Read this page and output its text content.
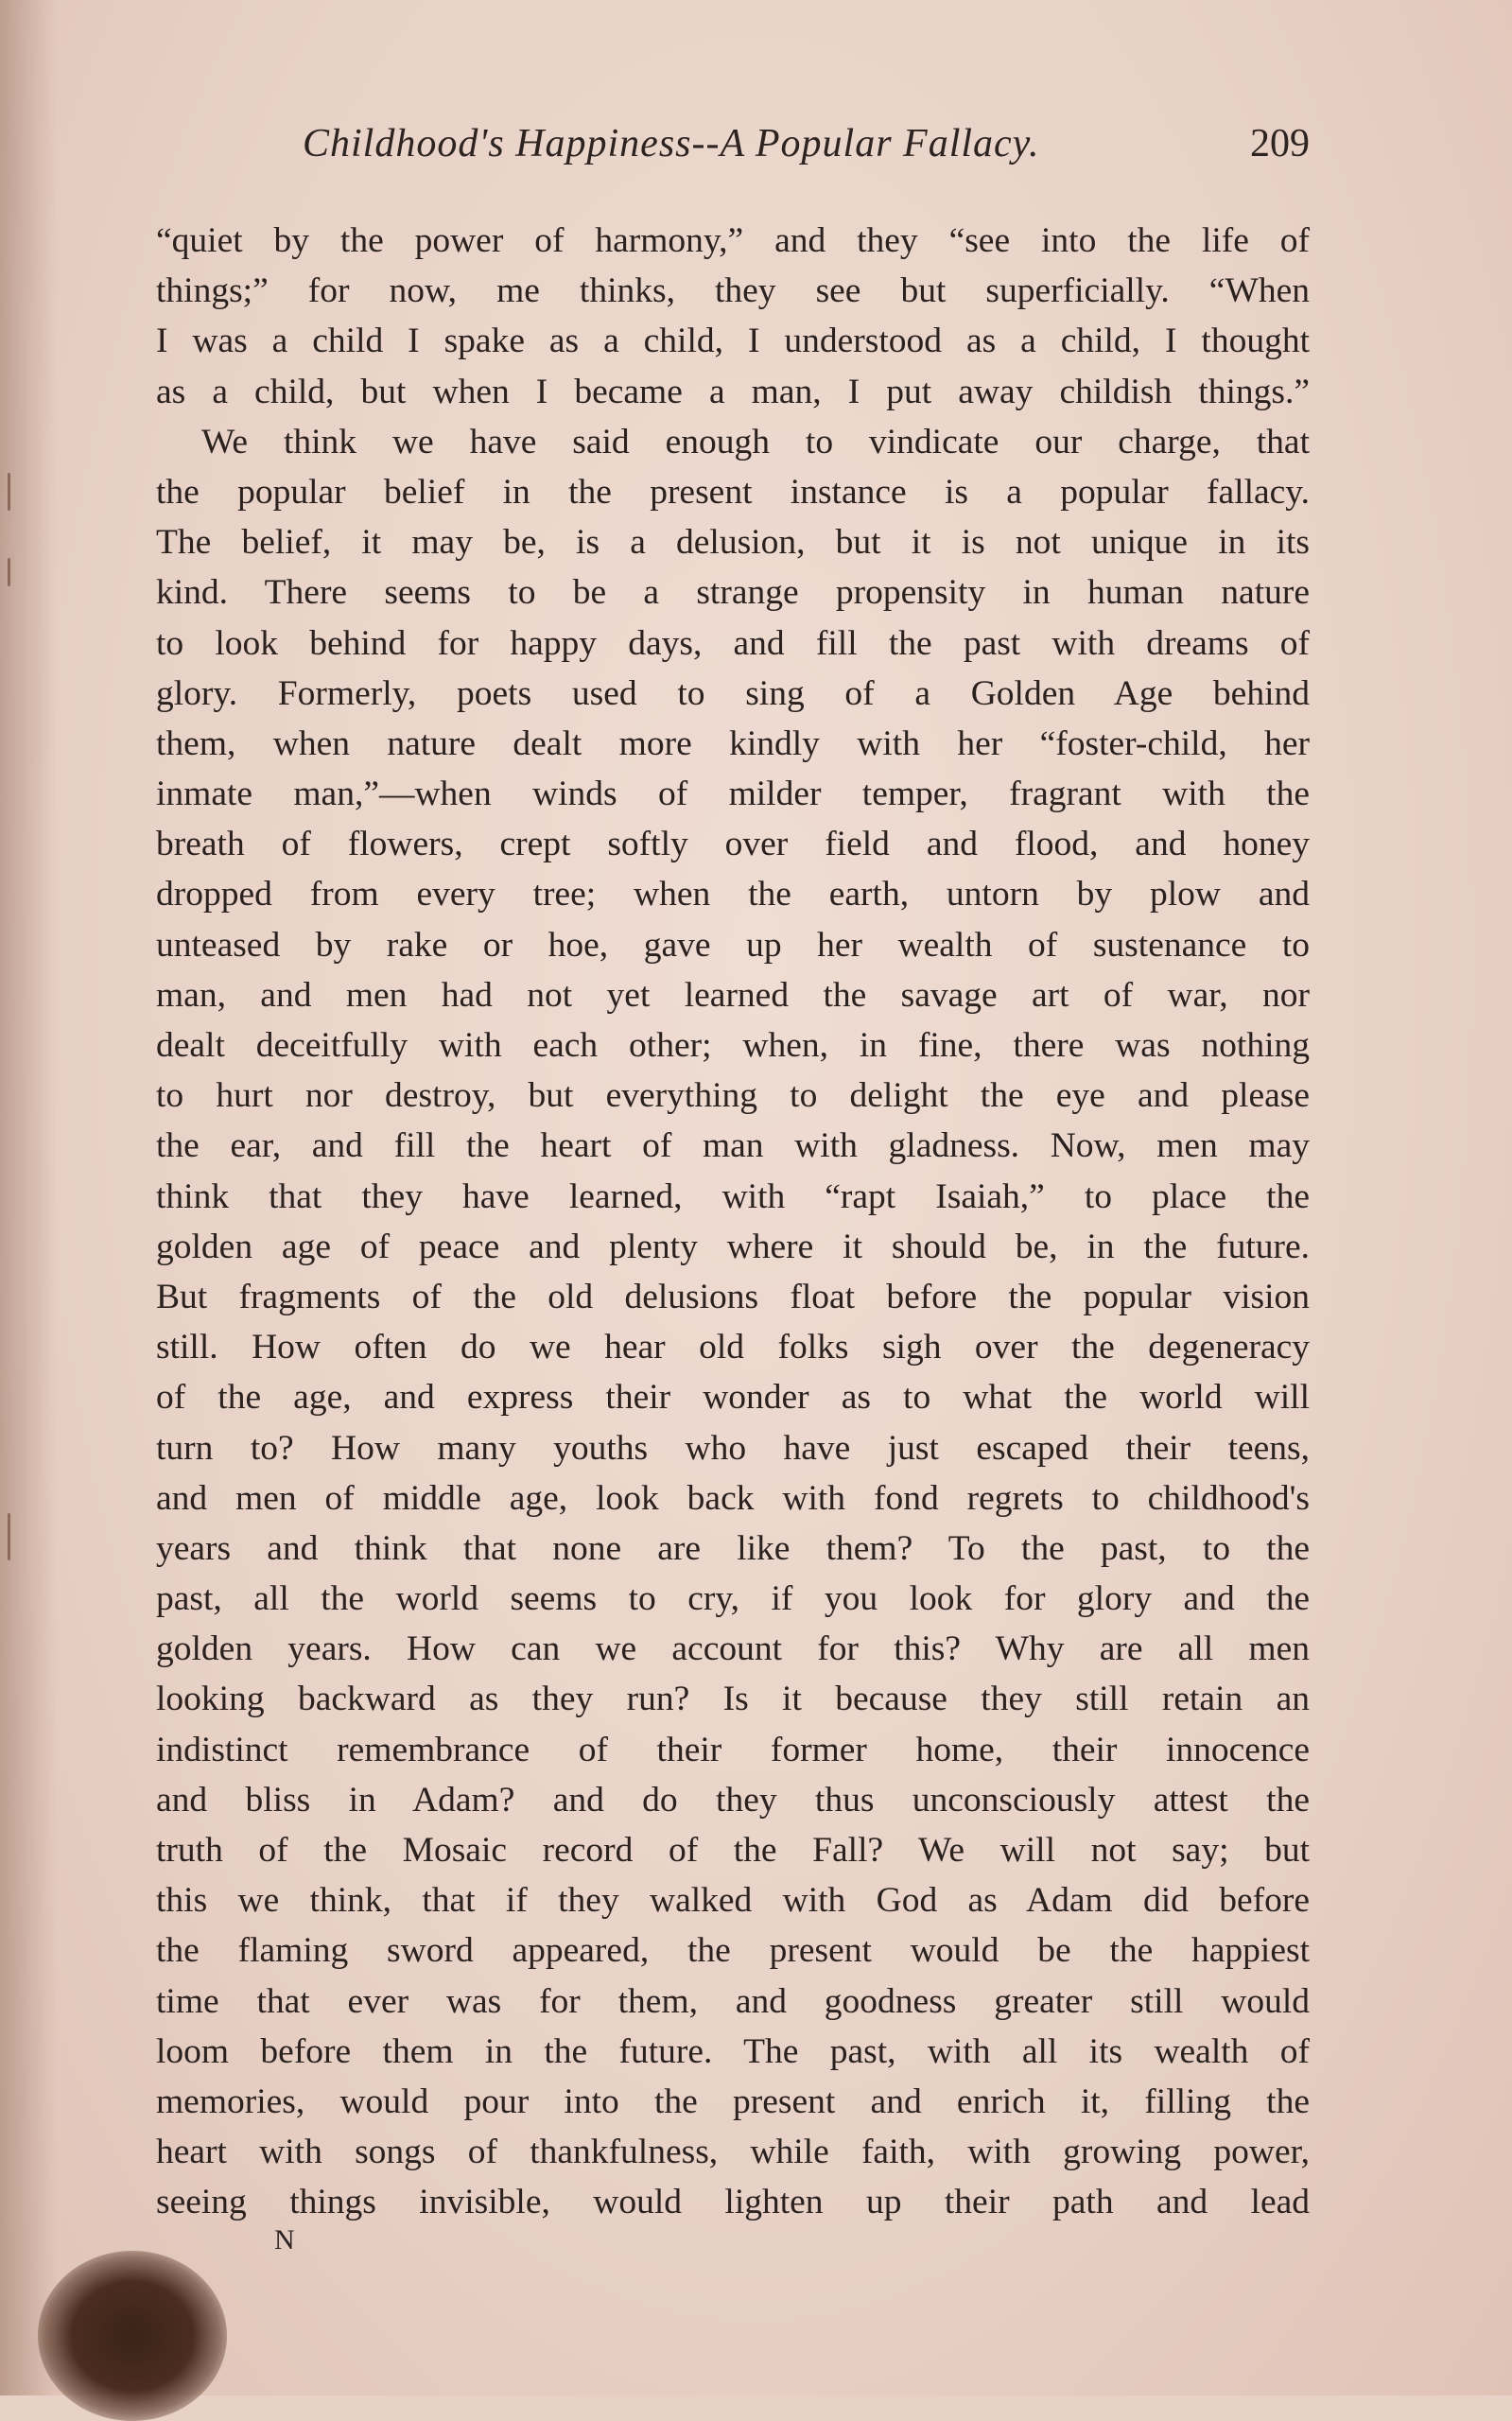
Childhood's Happiness--A Popular Fallacy.	209
“quiet by the power of harmony,” and they “see into the life of
things;” for now, me thinks, they see but superficially. “When
I was a child I spake as a child, I understood as a child, I thought
as a child, but when I became a man, I put away childish things.”
We think we have said enough to vindicate our charge, that
the popular belief in the present instance is a popular fallacy.
The belief, it may be, is a delusion, but it is not unique in its
kind. There seems to be a strange propensity in human nature
to look behind for happy days, and fill the past with dreams of
glory. Formerly, poets used to sing of a Golden Age behind
them, when nature dealt more kindly with her “foster-child, her
inmate man,”—when winds of milder temper, fragrant with the
breath of flowers, crept softly over field and flood, and honey
dropped from every tree; when the earth, untorn by plow and
unteased by rake or hoe, gave up her wealth of sustenance to
man, and men had not yet learned the savage art of war, nor
dealt deceitfully with each other; when, in fine, there was nothing
to hurt nor destroy, but everything to delight the eye and please
the ear, and fill the heart of man with gladness. Now, men may
think that they have learned, with “rapt Isaiah,” to place the
golden age of peace and plenty where it should be, in the future.
But fragments of the old delusions float before the popular vision
still. How often do we hear old folks sigh over the degeneracy
of the age, and express their wonder as to what the world will
turn to? How many youths who have just escaped their teens,
and men of middle age, look back with fond regrets to childhood's
years and think that none are like them? To the past, to the
past, all the world seems to cry, if you look for glory and the
golden years. How can we account for this? Why are all men
looking backward as they run? Is it because they still retain an
indistinct remembrance of their former home, their innocence
and bliss in Adam? and do they thus unconsciously attest the
truth of the Mosaic record of the Fall? We will not say; but
this we think, that if they walked with God as Adam did before
the flaming sword appeared, the present would be the happiest
time that ever was for them, and goodness greater still would
loom before them in the future. The past, with all its wealth of
memories, would pour into the present and enrich it, filling the
heart with songs of thankfulness, while faith, with growing power,
seeing things invisible, would lighten up their path and lead
N
